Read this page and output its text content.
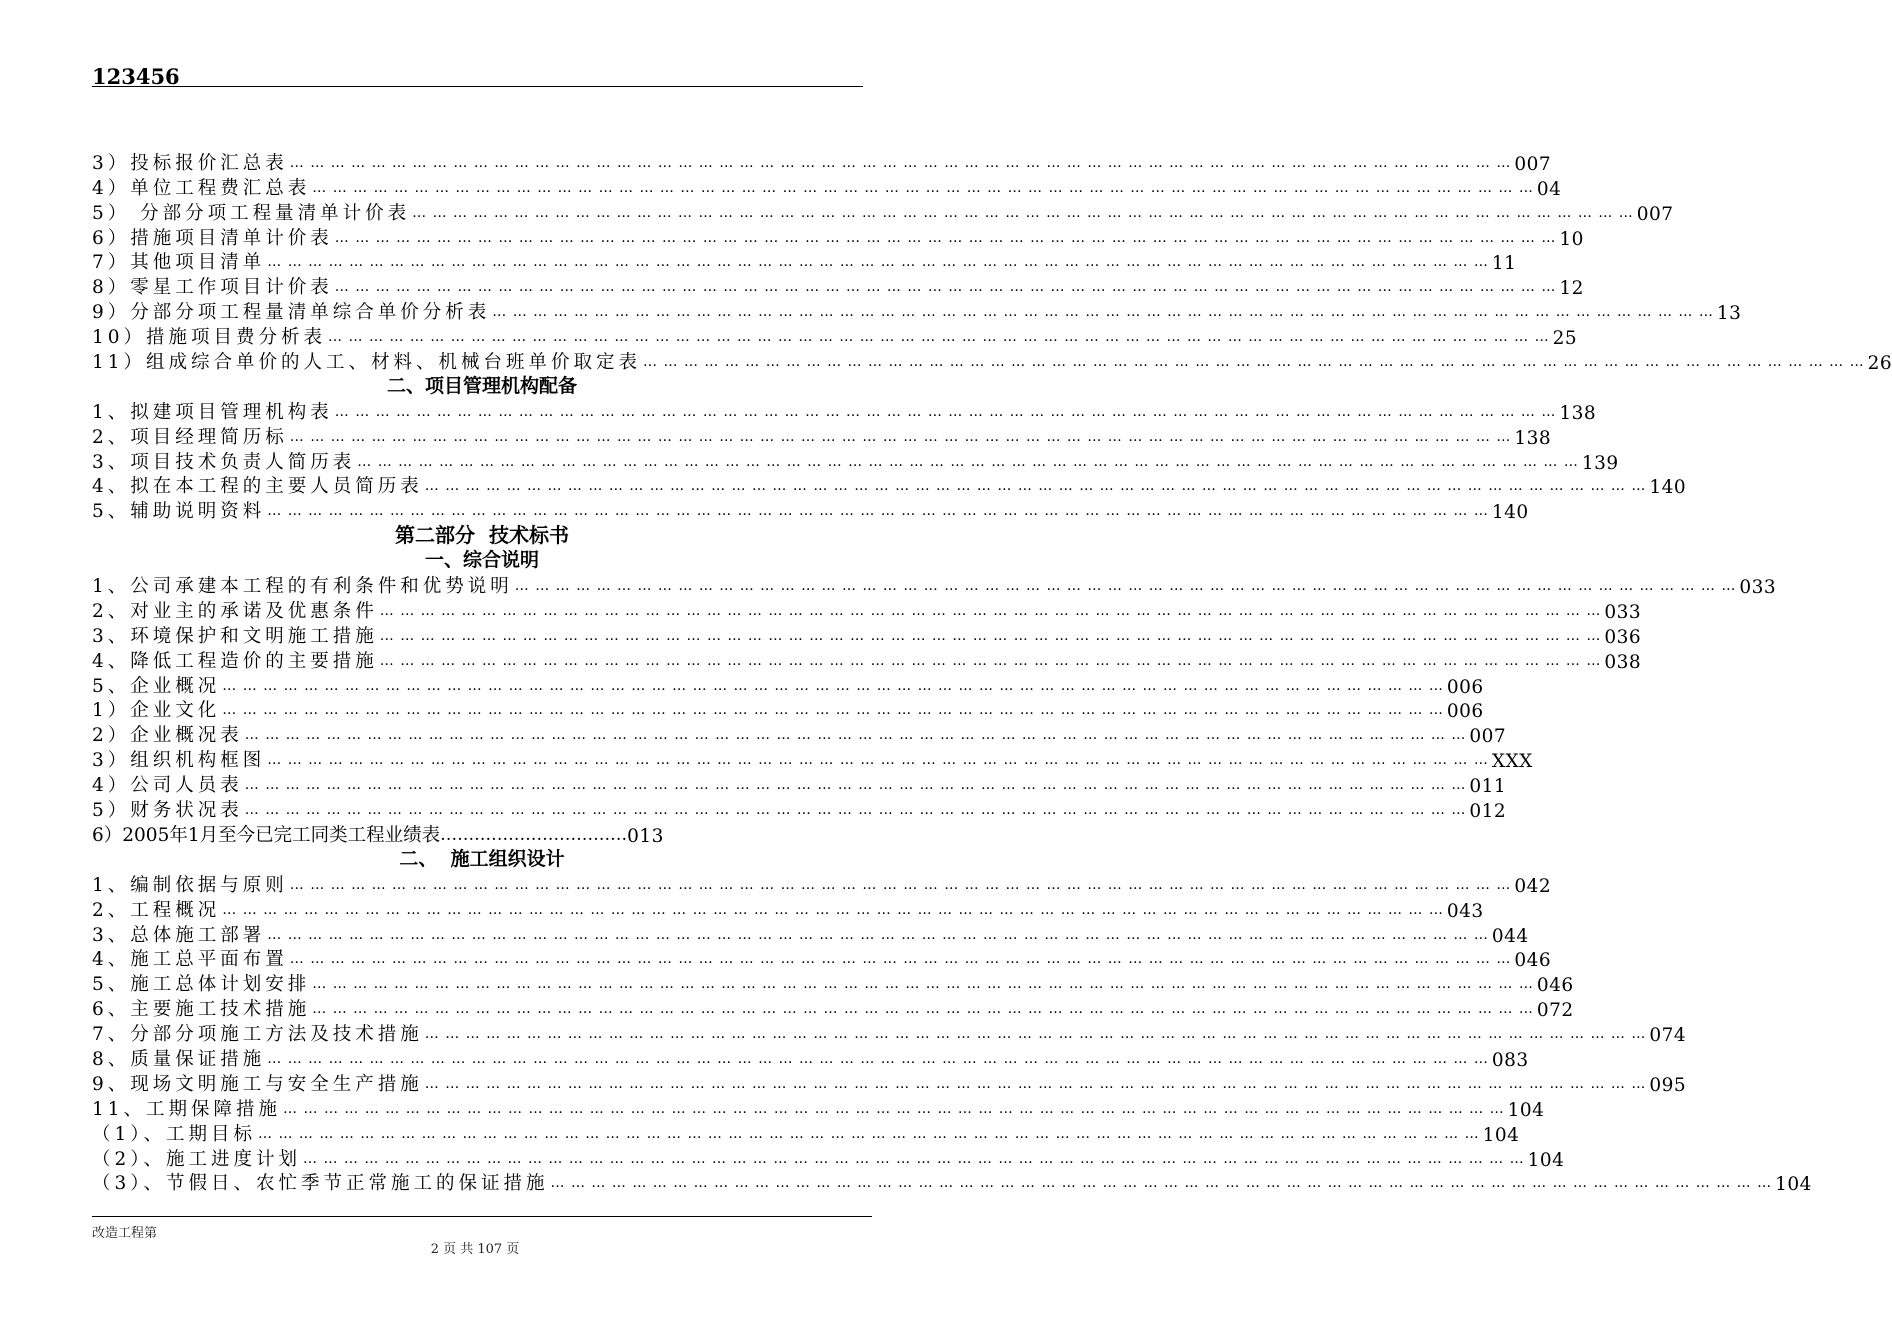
123456
3）投标报价汇总表 … … … … … … … … … … … … … … … … … … … … … … … … … … … … … … … … … … … … … … … … … … … … … … … … … … … … … … … … … … … … 007
4）单位工程费汇总表 … … … … … … … … … … … … … … … … … … … … … … … … … … … … … … … … … … … … … … … … … … … … … … … … … … … … … … … … … … … … 04
5） 分部分项工程量清单计价表 … … … … … … … … … … … … … … … … … … … … … … … … … … … … … … … … … … … … … … … … … … … … … … … … … … … … … … … … … … … … 007
6）措施项目清单计价表 … … … … … … … … … … … … … … … … … … … … … … … … … … … … … … … … … … … … … … … … … … … … … … … … … … … … … … … … … … … … 10
7）其他项目清单 … … … … … … … … … … … … … … … … … … … … … … … … … … … … … … … … … … … … … … … … … … … … … … … … … … … … … … … … … … … … 11
8）零星工作项目计价表 … … … … … … … … … … … … … … … … … … … … … … … … … … … … … … … … … … … … … … … … … … … … … … … … … … … … … … … … … … … … 12
9）分部分项工程量清单综合单价分析表 … … … … … … … … … … … … … … … … … … … … … … … … … … … … … … … … … … … … … … … … … … … … … … … … … … … … … … … … … … … … 13
10）措施项目费分析表 … … … … … … … … … … … … … … … … … … … … … … … … … … … … … … … … … … … … … … … … … … … … … … … … … … … … … … … … … … … … 25
11）组成综合单价的人工、材料、机械台班单价取定表 … … … … … … … … … … … … … … … … … … … … … … … … … … … … … … … … … … … … … … … … … … … … … … … … … … … … … … … … … … … … 26
二、项目管理机构配备
1、拟建项目管理机构表 … … … … … … … … … … … … … … … … … … … … … … … … … … … … … … … … … … … … … … … … … … … … … … … … … … … … … … … … … … … … 138
2、项目经理简历标 … … … … … … … … … … … … … … … … … … … … … … … … … … … … … … … … … … … … … … … … … … … … … … … … … … … … … … … … … … … … 138
3、项目技术负责人简历表 … … … … … … … … … … … … … … … … … … … … … … … … … … … … … … … … … … … … … … … … … … … … … … … … … … … … … … … … … … … … 139
4、拟在本工程的主要人员简历表 … … … … … … … … … … … … … … … … … … … … … … … … … … … … … … … … … … … … … … … … … … … … … … … … … … … … … … … … … … … … 140
5、辅助说明资料 … … … … … … … … … … … … … … … … … … … … … … … … … … … … … … … … … … … … … … … … … … … … … … … … … … … … … … … … … … … … 140
第二部分  技术标书
一、综合说明
1、公司承建本工程的有利条件和优势说明 … … … … … … … … … … … … … … … … … … … … … … … … … … … … … … … … … … … … … … … … … … … … … … … … … … … … … … … … … … … … 033
2、对业主的承诺及优惠条件 … … … … … … … … … … … … … … … … … … … … … … … … … … … … … … … … … … … … … … … … … … … … … … … … … … … … … … … … … … … … 033
3、环境保护和文明施工措施 … … … … … … … … … … … … … … … … … … … … … … … … … … … … … … … … … … … … … … … … … … … … … … … … … … … … … … … … … … … … 036
4、降低工程造价的主要措施 … … … … … … … … … … … … … … … … … … … … … … … … … … … … … … … … … … … … … … … … … … … … … … … … … … … … … … … … … … … … 038
5、企业概况 … … … … … … … … … … … … … … … … … … … … … … … … … … … … … … … … … … … … … … … … … … … … … … … … … … … … … … … … … … … … 006
1）企业文化 … … … … … … … … … … … … … … … … … … … … … … … … … … … … … … … … … … … … … … … … … … … … … … … … … … … … … … … … … … … … 006
2）企业概况表 … … … … … … … … … … … … … … … … … … … … … … … … … … … … … … … … … … … … … … … … … … … … … … … … … … … … … … … … … … … … 007
3）组织机构框图 … … … … … … … … … … … … … … … … … … … … … … … … … … … … … … … … … … … … … … … … … … … … … … … … … … … … … … … … … … … … XXX
4）公司人员表 … … … … … … … … … … … … … … … … … … … … … … … … … … … … … … … … … … … … … … … … … … … … … … … … … … … … … … … … … … … … 011
5）财务状况表 … … … … … … … … … … … … … … … … … … … … … … … … … … … … … … … … … … … … … … … … … … … … … … … … … … … … … … … … … … … … 012
6）2005年1月至今已完工同类工程业绩表 …………………………… 013
二、  施工组织设计
1、编制依据与原则 … … … … … … … … … … … … … … … … … … … … … … … … … … … … … … … … … … … … … … … … … … … … … … … … … … … … … … … … … … … … 042
2、工程概况 … … … … … … … … … … … … … … … … … … … … … … … … … … … … … … … … … … … … … … … … … … … … … … … … … … … … … … … … … … … … 043
3、总体施工部署 … … … … … … … … … … … … … … … … … … … … … … … … … … … … … … … … … … … … … … … … … … … … … … … … … … … … … … … … … … … … 044
4、施工总平面布置 … … … … … … … … … … … … … … … … … … … … … … … … … … … … … … … … … … … … … … … … … … … … … … … … … … … … … … … … … … … … 046
5、施工总体计划安排 … … … … … … … … … … … … … … … … … … … … … … … … … … … … … … … … … … … … … … … … … … … … … … … … … … … … … … … … … … … … 046
6、主要施工技术措施 … … … … … … … … … … … … … … … … … … … … … … … … … … … … … … … … … … … … … … … … … … … … … … … … … … … … … … … … … … … … 072
7、分部分项施工方法及技术措施 … … … … … … … … … … … … … … … … … … … … … … … … … … … … … … … … … … … … … … … … … … … … … … … … … … … … … … … … … … … … 074
8、质量保证措施 … … … … … … … … … … … … … … … … … … … … … … … … … … … … … … … … … … … … … … … … … … … … … … … … … … … … … … … … … … … … 083
9、现场文明施工与安全生产措施 … … … … … … … … … … … … … … … … … … … … … … … … … … … … … … … … … … … … … … … … … … … … … … … … … … … … … … … … … … … … 095
11、工期保障措施 … … … … … … … … … … … … … … … … … … … … … … … … … … … … … … … … … … … … … … … … … … … … … … … … … … … … … … … … … … … … 104
（1）、工期目标 … … … … … … … … … … … … … … … … … … … … … … … … … … … … … … … … … … … … … … … … … … … … … … … … … … … … … … … … … … … … 104
（2）、施工进度计划 … … … … … … … … … … … … … … … … … … … … … … … … … … … … … … … … … … … … … … … … … … … … … … … … … … … … … … … … … … … … 104
（3）、节假日、农忙季节正常施工的保证措施 … … … … … … … … … … … … … … … … … … … … … … … … … … … … … … … … … … … … … … … … … … … … … … … … … … … … … … … … … … … … 104
改造工程第
2 页 共 107 页
